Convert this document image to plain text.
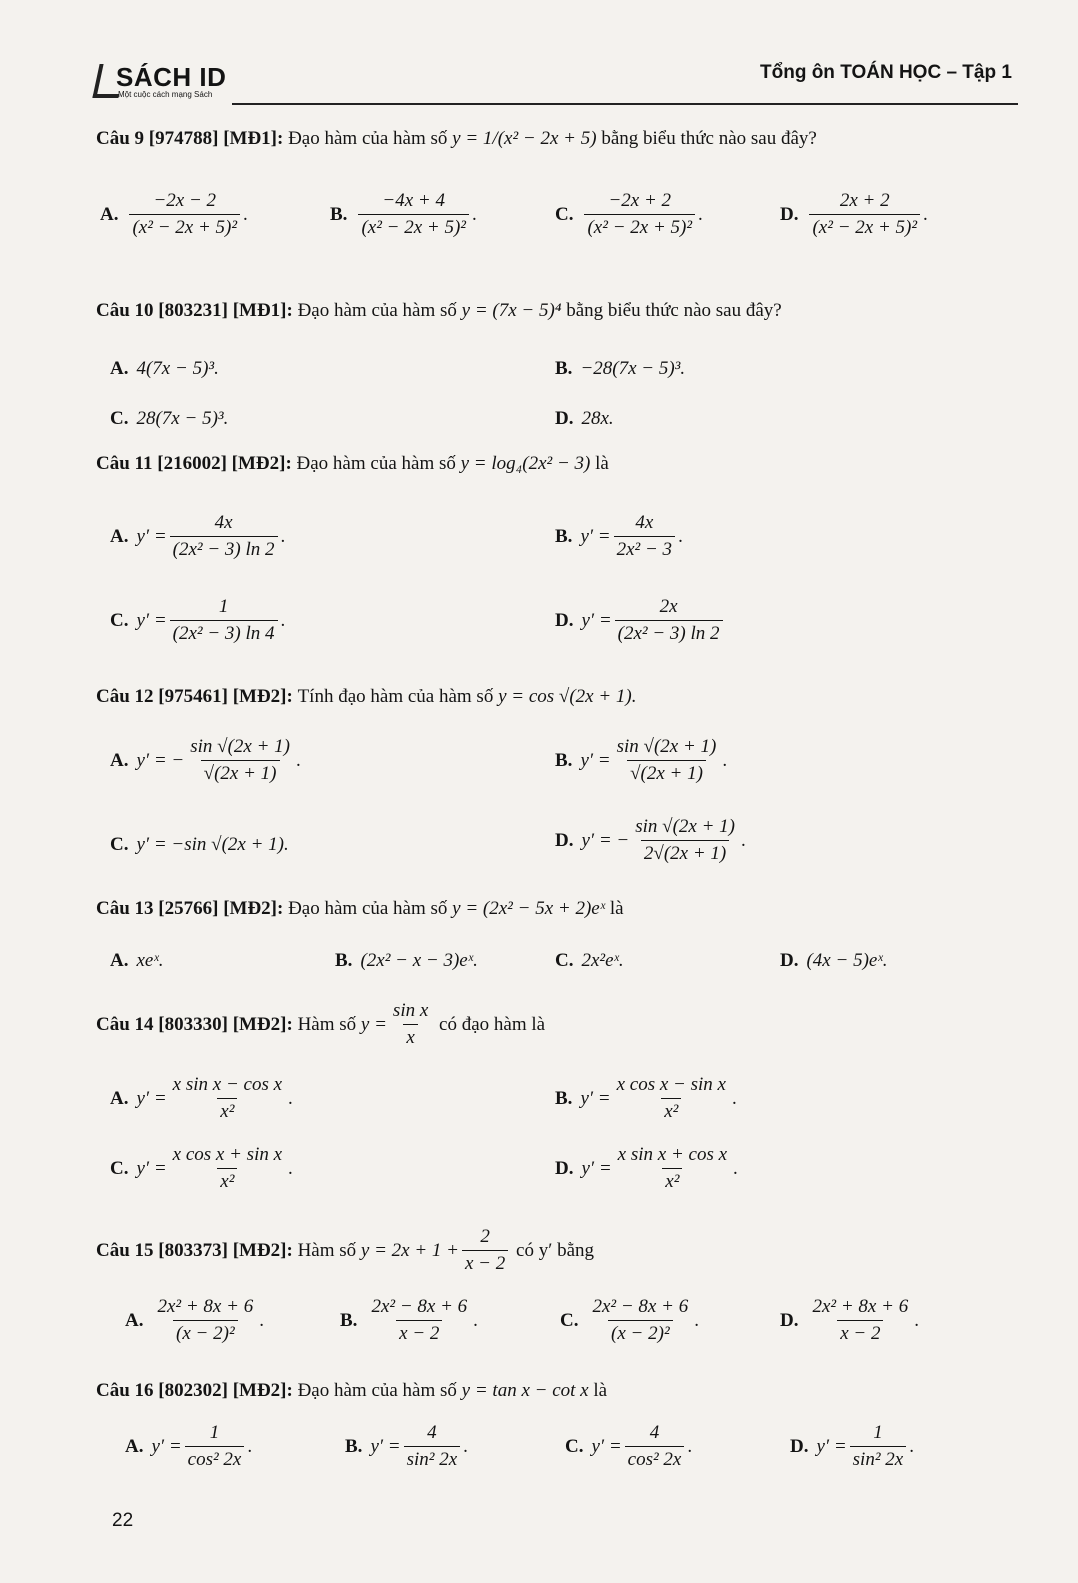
SÁCH ID
Một cuộc cách mạng Sách
Tổng ôn TOÁN HỌC – Tập 1
Câu 9 [974788] [MĐ1]:
Đạo hàm của hàm số
y = 1/(x² − 2x + 5)
bằng biểu thức nào sau đây?
A. $\frac{-2x - 2}{\text{(x² − 2x + 5)²}}$ .	B. $\frac{-4x + 4}{\text{(x² − 2x + 5)²}}$ .	C. $\frac{-2x + 2}{\text{(x² − 2x + 5)²}}$ .	D. $\frac{2x + 2}{\text{(x² − 2x + 5)²}}$ .
Câu 10 [803231] [MĐ1]:
Đạo hàm của hàm số
y = (7x − 5)⁴
bằng biểu thức nào sau đây?
A. 4(7x − 5)³.	B. −28(7x − 5)³.
C. 28(7x − 5)³.	D. 28x.
Câu 11 [216002] [MĐ2]:
Đạo hàm của hàm số
y = log₄(2x² − 3)
là
A. $y' = \frac{4x}{\text{(2x² − 3) ln 2}}$ .	B. $y' = \frac{4x}{\text{2x² − 3}}$ .
C. $y' = \frac{1}{\text{(2x² − 3) ln 4}}$ .	D. $y' = \frac{2x}{\text{(2x² − 3) ln 2}}$
Câu 12 [975461] [MĐ2]:
Tính đạo hàm của hàm số
y = cos √(2x + 1).
A. y′ = − $\frac{\sin √(2x + 1)}{√(2x + 1)}$ .	B. $y' = \frac{\sin √(2x + 1)}{√(2x + 1)}$ .
C. y′ = −sin √(2x + 1).	D. y′ = − $\frac{\sin √(2x + 1)}{2√(2x + 1)}$ .
Câu 13 [25766] [MĐ2]:
Đạo hàm của hàm số
y = (2x² − 5x + 2)eˣ
là
A. xeˣ.	B. (2x² − x − 3)eˣ.	C. 2x²eˣ.	D. (4x − 5)eˣ.
Câu 14 [803330] [MĐ2]:
Hàm số
$y = \frac{\text{sin x}}{x}$
có đạo hàm là
A. $y' = \frac{\text{x sin x − cos x}}{\text{x²}}$ .	B. $y' = \frac{\text{x cos x − sin x}}{\text{x²}}$ .
C. $y' = \frac{\text{x cos x + sin x}}{\text{x²}}$ .	D. $y' = \frac{\text{x sin x + cos x}}{\text{x²}}$ .
Câu 15 [803373] [MĐ2]:
Hàm số
$y = 2x + 1 + \frac{2}{x - 2}$
có y′ bằng
A. $\frac{\text{2x² + 8x + 6}}{\text{(x − 2)²}}$ .	B. $\frac{\text{2x² − 8x + 6}}{x - 2}$ .	C. $\frac{\text{2x² − 8x + 6}}{\text{(x − 2)²}}$ .	D. $\frac{\text{2x² + 8x + 6}}{x - 2}$ .
Câu 16 [802302] [MĐ2]:
Đạo hàm của hàm số
y = tan x − cot x
là
A. $y' = \frac{1}{\text{cos² 2x}}$ .	B. $y' = \frac{4}{\text{sin² 2x}}$ .	C. $y' = \frac{4}{\text{cos² 2x}}$ .	D. $y' = \frac{1}{\text{sin² 2x}}$ .
22
